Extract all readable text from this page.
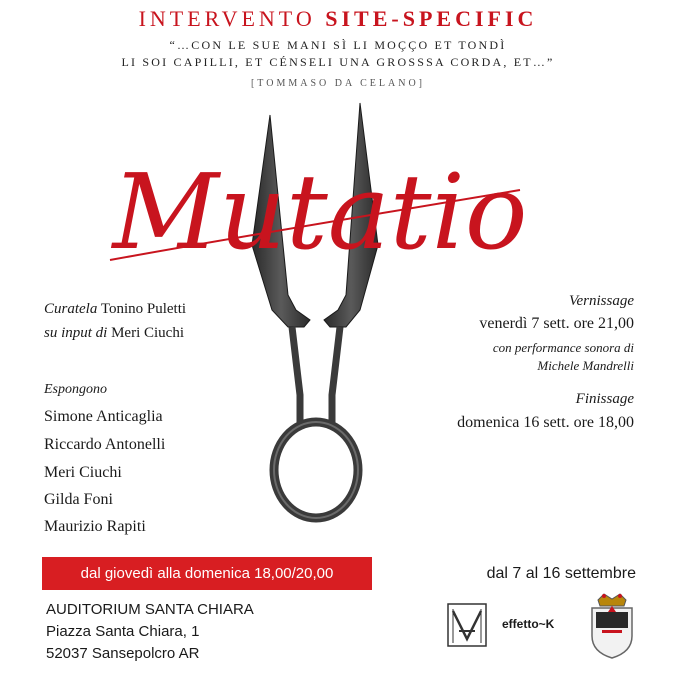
INTERVENTO SITE-SPECIFIC
“…CON LE SUE MANI SÌ LI MOÇÇO ET TONDÌ
LI SOI CAPILLI, ET CÉNSELI UNA GROSSSA CORDA, ET…”
[TOMMASO DA CELANO]
Mutatio
Curatela Tonino Puletti
su input di Meri Ciuchi
Espongono
Simone Anticaglia
Riccardo Antonelli
Meri Ciuchi
Gilda Foni
Maurizio Rapiti
Vernissage
venerdì 7 sett. ore 21,00
con performance sonora di
Michele Mandrelli
Finissage
domenica 16 sett. ore 18,00
dal giovedì alla domenica 18,00/20,00	dal 7 al 16 settembre
AUDITORIUM SANTA CHIARA
Piazza Santa Chiara, 1
52037 Sansepolcro AR
effetto~K
